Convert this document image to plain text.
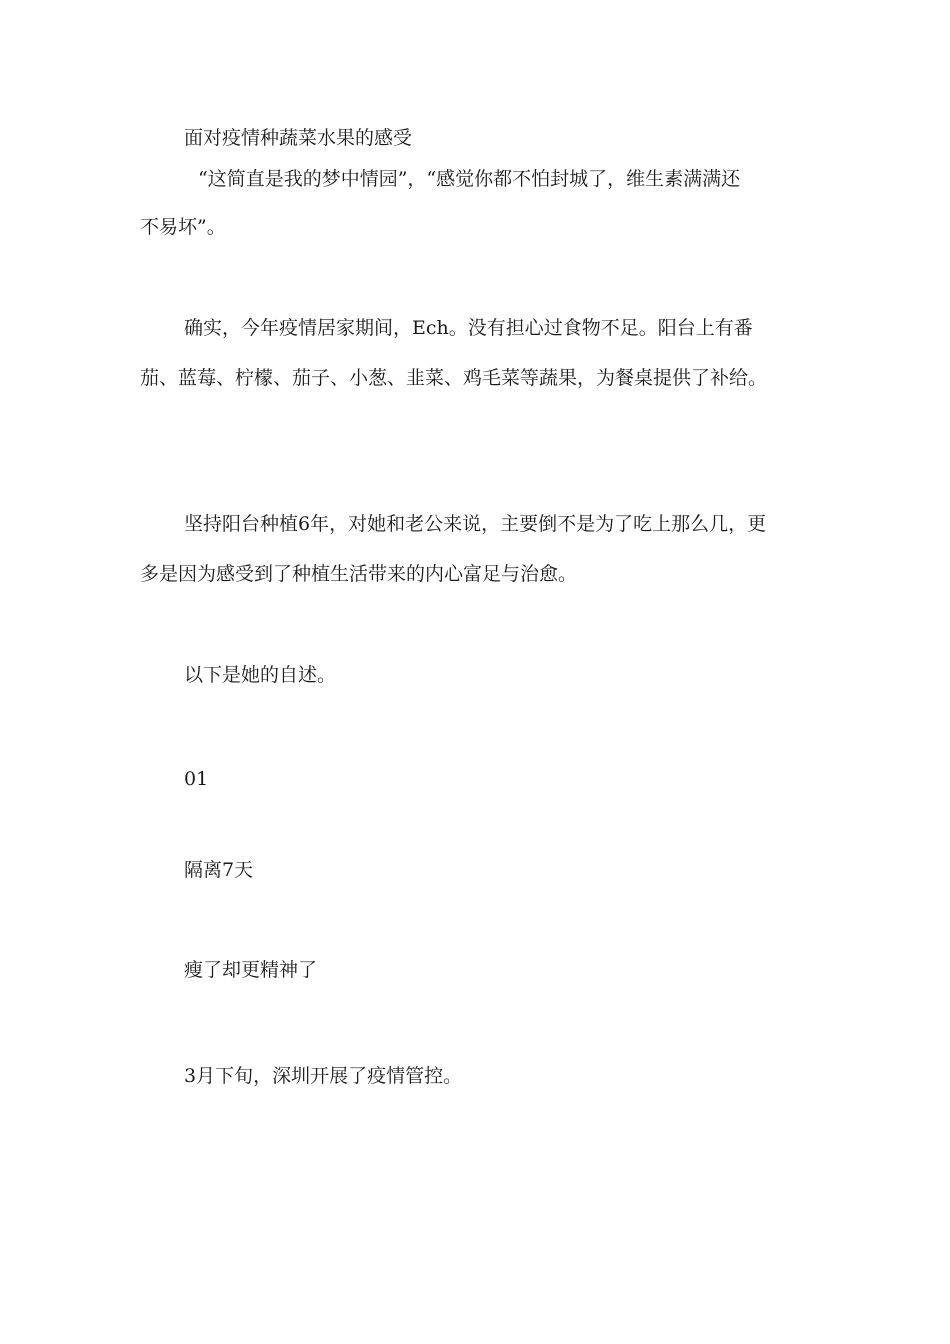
面对疫情种蔬菜水果的感受

“这简直是我的梦中情园”，“感觉你都不怕封城了，维生素满满还

不易坏”。

确实，今年疫情居家期间，Ech。没有担心过食物不足。阳台上有番

茄、蓝莓、柠檬、茄子、小葱、韭菜、鸡毛菜等蔬果，为餐桌提供了补给。

坚持阳台种植6年，对她和老公来说，主要倒不是为了吃上那么几，更

多是因为感受到了种植生活带来的内心富足与治愈。

以下是她的自述。

01

隔离7天

瘦了却更精神了

3月下旬，深圳开展了疫情管控。
